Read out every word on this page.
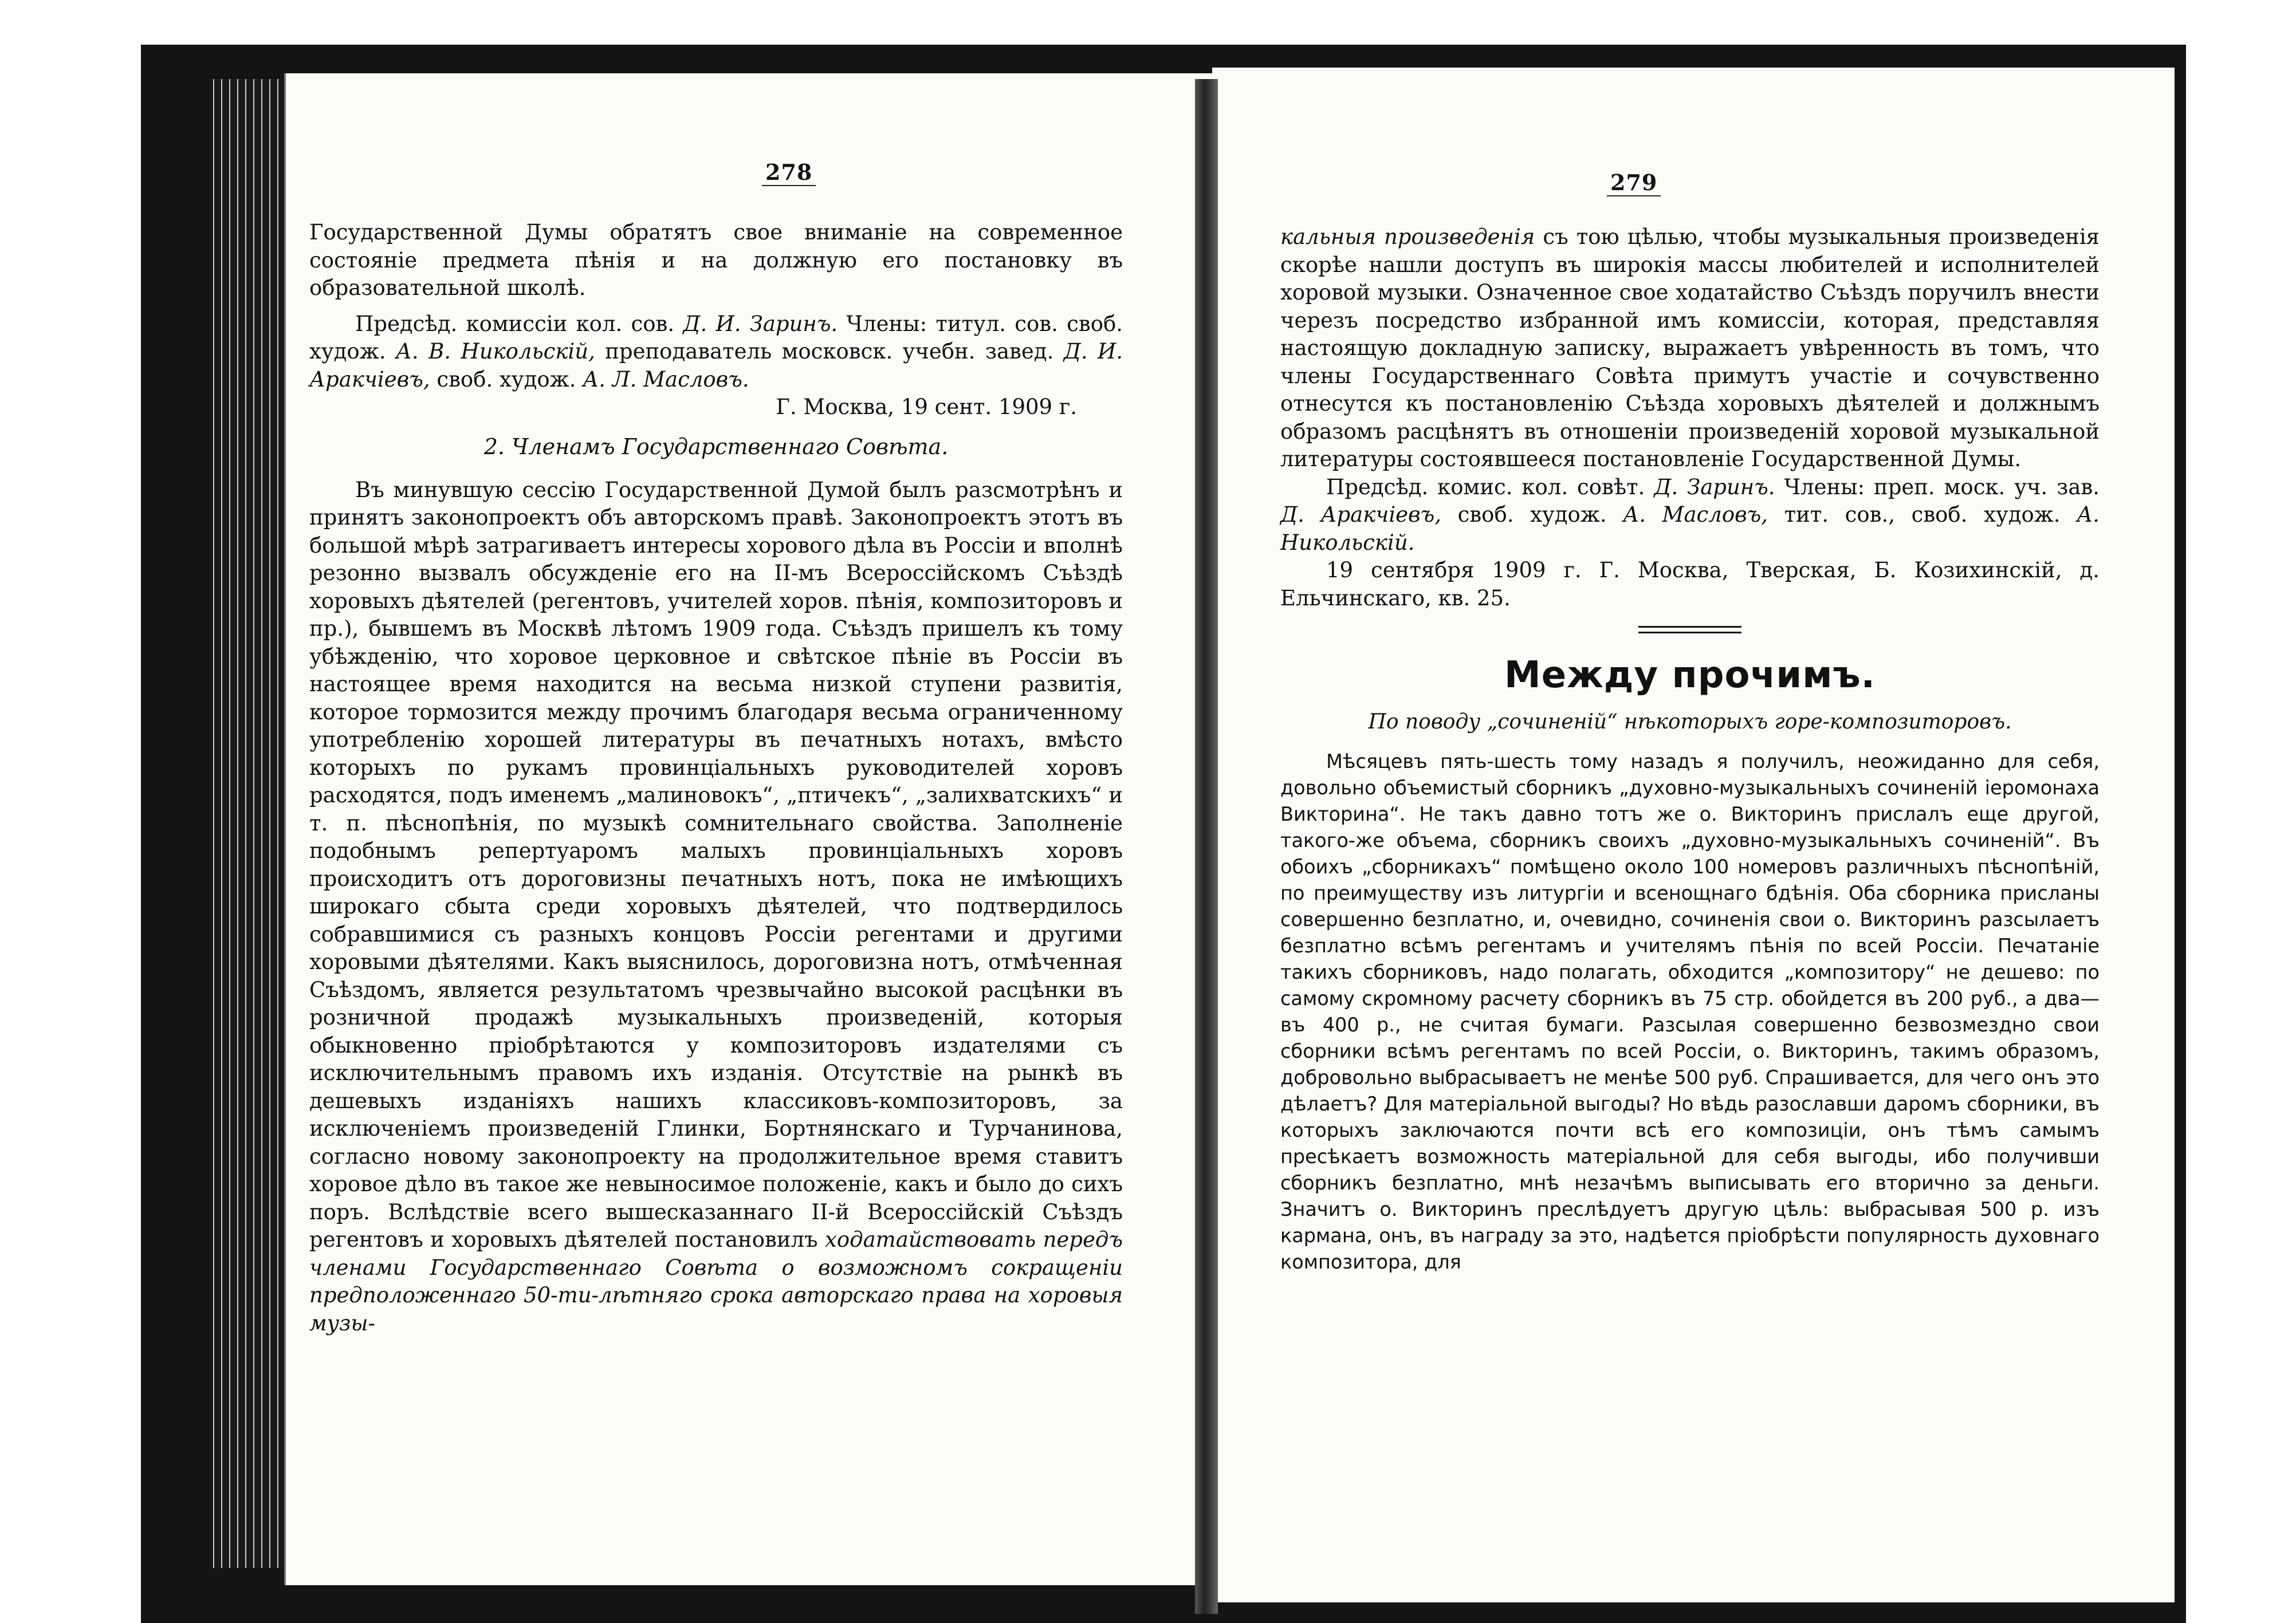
278

Государственной Думы обратятъ свое вниманіе на современное состояніе предмета пѣнія и на должную его постановку въ образовательной школѣ.

Предсѣд. комиссіи кол. сов. Д. И. Заринъ. Члены: титул. сов. своб. худож. А. В. Никольскій, преподаватель московск. учебн. завед. Д. И. Аракчіевъ, своб. худож. А. Л. Масловъ.

Г. Москва, 19 сент. 1909 г.

2. Членамъ Государственнаго Совѣта.

Въ минувшую сессію Государственной Думой былъ разсмотрѣнъ и принятъ законопроектъ объ авторскомъ правѣ. Законопроектъ этотъ въ большой мѣрѣ затрагиваетъ интересы хорового дѣла въ Россіи и вполнѣ резонно вызвалъ обсужденіе его на II-мъ Всероссійскомъ Съѣздѣ хоровыхъ дѣятелей (регентовъ, учителей хоров. пѣнія, композиторовъ и пр.), бывшемъ въ Москвѣ лѣтомъ 1909 года. Съѣздъ пришелъ къ тому убѣжденію, что хоровое церковное и свѣтское пѣніе въ Россіи въ настоящее время находится на весьма низкой ступени развитія, которое тормозится между прочимъ благодаря весьма ограниченному употребленію хорошей литературы въ печатныхъ нотахъ, вмѣсто которыхъ по рукамъ провинціальныхъ руководителей хоровъ расходятся, подъ именемъ „малиновокъ“, „птичекъ“, „залихватскихъ“ и т. п. пѣснопѣнія, по музыкѣ сомнительнаго свойства. Заполненіе подобнымъ репертуаромъ малыхъ провинціальныхъ хоровъ происходитъ отъ дороговизны печатныхъ нотъ, пока не имѣющихъ широкаго сбыта среди хоровыхъ дѣятелей, что подтвердилось собравшимися съ разныхъ концовъ Россіи регентами и другими хоровыми дѣятелями. Какъ выяснилось, дороговизна нотъ, отмѣченная Съѣздомъ, является результатомъ чрезвычайно высокой расцѣнки въ розничной продажѣ музыкальныхъ произведеній, которыя обыкновенно пріобрѣтаются у композиторовъ издателями съ исключительнымъ правомъ ихъ изданія. Отсутствіе на рынкѣ въ дешевыхъ изданіяхъ нашихъ классиковъ-композиторовъ, за исключеніемъ произведеній Глинки, Бортнянскаго и Турчанинова, согласно новому законопроекту на продолжительное время ставитъ хоровое дѣло въ такое же невыносимое положеніе, какъ и было до сихъ поръ. Вслѣдствіе всего вышесказаннаго II-й Всероссійскій Съѣздъ регентовъ и хоровыхъ дѣятелей постановилъ ходатайствовать передъ членами Государственнаго Совѣта о возможномъ сокращеніи предположеннаго 50-ти-лѣтняго срока авторскаго права на хоровыя музы-

279

кальныя произведенія съ тою цѣлью, чтобы музыкальныя произведенія скорѣе нашли доступъ въ широкія массы любителей и исполнителей хоровой музыки. Означенное свое ходатайство Съѣздъ поручилъ внести черезъ посредство избранной имъ комиссіи, которая, представляя настоящую докладную записку, выражаетъ увѣренность въ томъ, что члены Государственнаго Совѣта примутъ участіе и сочувственно отнесутся къ постановленію Съѣзда хоровыхъ дѣятелей и должнымъ образомъ расцѣнятъ въ отношеніи произведеній хоровой музыкальной литературы состоявшееся постановленіе Государственной Думы.

Предсѣд. комис. кол. совѣт. Д. Заринъ. Члены: преп. моск. уч. зав. Д. Аракчіевъ, своб. худож. А. Масловъ, тит. сов., своб. худож. А. Никольскій.

19 сентября 1909 г. Г. Москва, Тверская, Б. Козихинскій, д. Ельчинскаго, кв. 25.

Между прочимъ.
По поводу „сочиненій“ нѣкоторыхъ горе-композиторовъ.

Мѣсяцевъ пять-шесть тому назадъ я получилъ, неожиданно для себя, довольно объемистый сборникъ „духовно-музыкальныхъ сочиненій іеромонаха Викторина“. Не такъ давно тотъ же о. Викторинъ прислалъ еще другой, такого-же объема, сборникъ своихъ „духовно-музыкальныхъ сочиненій“. Въ обоихъ „сборникахъ“ помѣщено около 100 номеровъ различныхъ пѣснопѣній, по преимуществу изъ литургіи и всенощнаго бдѣнія. Оба сборника присланы совершенно безплатно, и, очевидно, сочиненія свои о. Викторинъ разсылаетъ безплатно всѣмъ регентамъ и учителямъ пѣнія по всей Россіи. Печатаніе такихъ сборниковъ, надо полагать, обходится „композитору“ не дешево: по самому скромному расчету сборникъ въ 75 стр. обойдется въ 200 руб., а два—въ 400 р., не считая бумаги. Разсылая совершенно безвозмездно свои сборники всѣмъ регентамъ по всей Россіи, о. Викторинъ, такимъ образомъ, добровольно выбрасываетъ не менѣе 500 руб. Спрашивается, для чего онъ это дѣлаетъ? Для матеріальной выгоды? Но вѣдь разославши даромъ сборники, въ которыхъ заключаются почти всѣ его композиціи, онъ тѣмъ самымъ пресѣкаетъ возможность матеріальной для себя выгоды, ибо получивши сборникъ безплатно, мнѣ незачѣмъ выписывать его вторично за деньги. Значитъ о. Викторинъ преслѣдуетъ другую цѣль: выбрасывая 500 р. изъ кармана, онъ, въ награду за это, надѣется пріобрѣсти популярность духовнаго композитора, для
